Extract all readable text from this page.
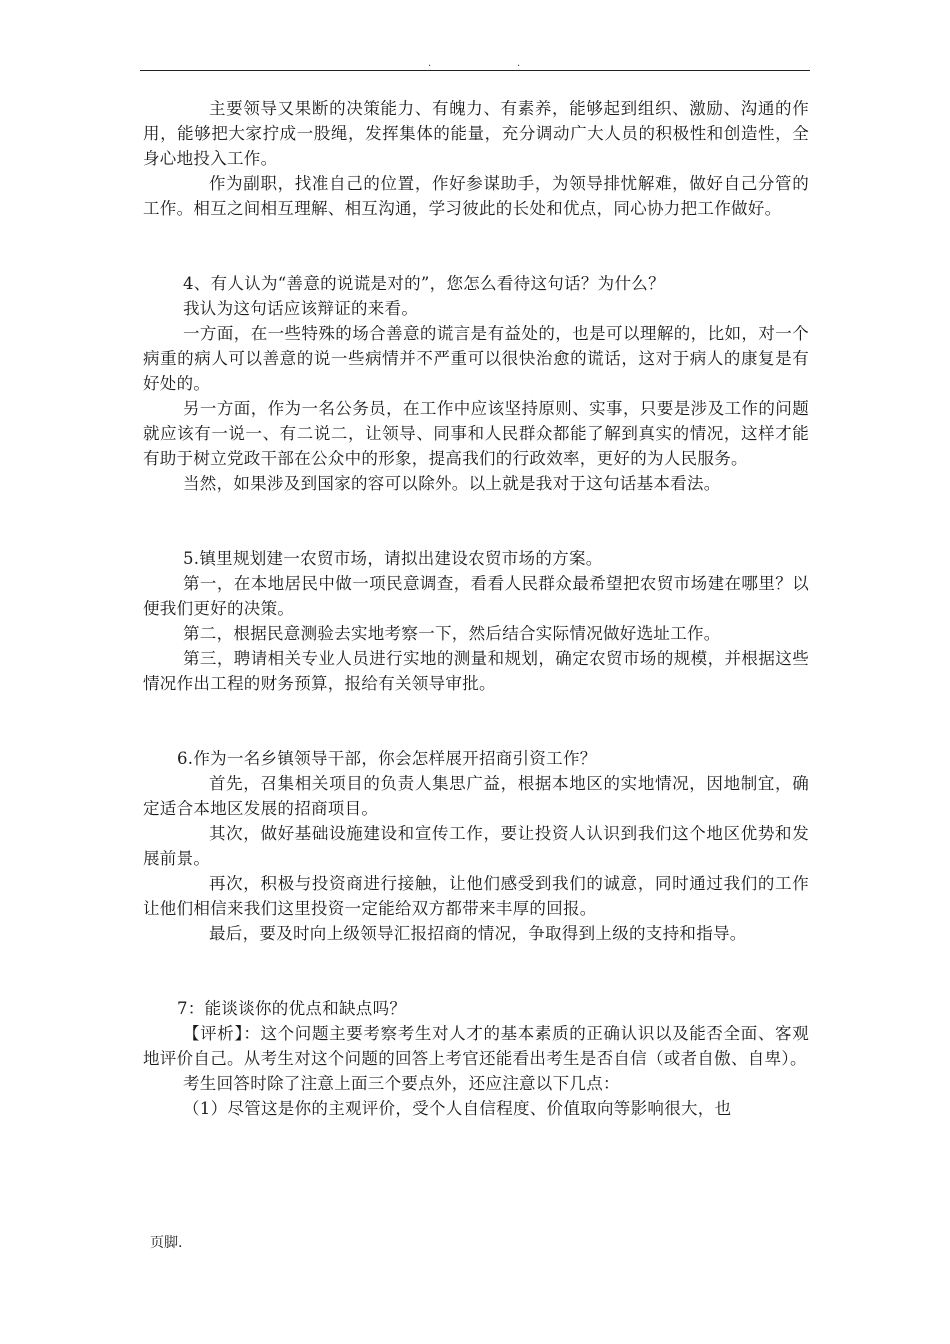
.	.

主要领导又果断的决策能力、有魄力、有素养，能够起到组织、激励、沟通的作用，能够把大家拧成一股绳，发挥集体的能量，充分调动广大人员的积极性和创造性，全身心地投入工作。

作为副职，找准自己的位置，作好参谋助手，为领导排忧解难，做好自己分管的工作。相互之间相互理解、相互沟通，学习彼此的长处和优点，同心协力把工作做好。

4、有人认为“善意的说谎是对的”，您怎么看待这句话？为什么？

我认为这句话应该辩证的来看。

一方面，在一些特殊的场合善意的谎言是有益处的，也是可以理解的，比如，对一个病重的病人可以善意的说一些病情并不严重可以很快治愈的谎话，这对于病人的康复是有好处的。

另一方面，作为一名公务员，在工作中应该坚持原则、实事，只要是涉及工作的问题就应该有一说一、有二说二，让领导、同事和人民群众都能了解到真实的情况，这样才能有助于树立党政干部在公众中的形象，提高我们的行政效率，更好的为人民服务。

当然，如果涉及到国家的容可以除外。以上就是我对于这句话基本看法。

5.镇里规划建一农贸市场，请拟出建设农贸市场的方案。

第一，在本地居民中做一项民意调查，看看人民群众最希望把农贸市场建在哪里？以便我们更好的决策。

第二，根据民意测验去实地考察一下，然后结合实际情况做好选址工作。

第三，聘请相关专业人员进行实地的测量和规划，确定农贸市场的规模，并根据这些情况作出工程的财务预算，报给有关领导审批。

6.作为一名乡镇领导干部，你会怎样展开招商引资工作？

首先，召集相关项目的负责人集思广益，根据本地区的实地情况，因地制宜，确定适合本地区发展的招商项目。

其次，做好基础设施建设和宣传工作，要让投资人认识到我们这个地区优势和发展前景。

再次，积极与投资商进行接触，让他们感受到我们的诚意，同时通过我们的工作让他们相信来我们这里投资一定能给双方都带来丰厚的回报。

最后，要及时向上级领导汇报招商的情况，争取得到上级的支持和指导。

7：能谈谈你的优点和缺点吗？

【评析】：这个问题主要考察考生对人才的基本素质的正确认识以及能否全面、客观地评价自己。从考生对这个问题的回答上考官还能看出考生是否自信（或者自傲、自卑）。

考生回答时除了注意上面三个要点外，还应注意以下几点：

（1）尽管这是你的主观评价，受个人自信程度、价值取向等影响很大，也

页脚.
